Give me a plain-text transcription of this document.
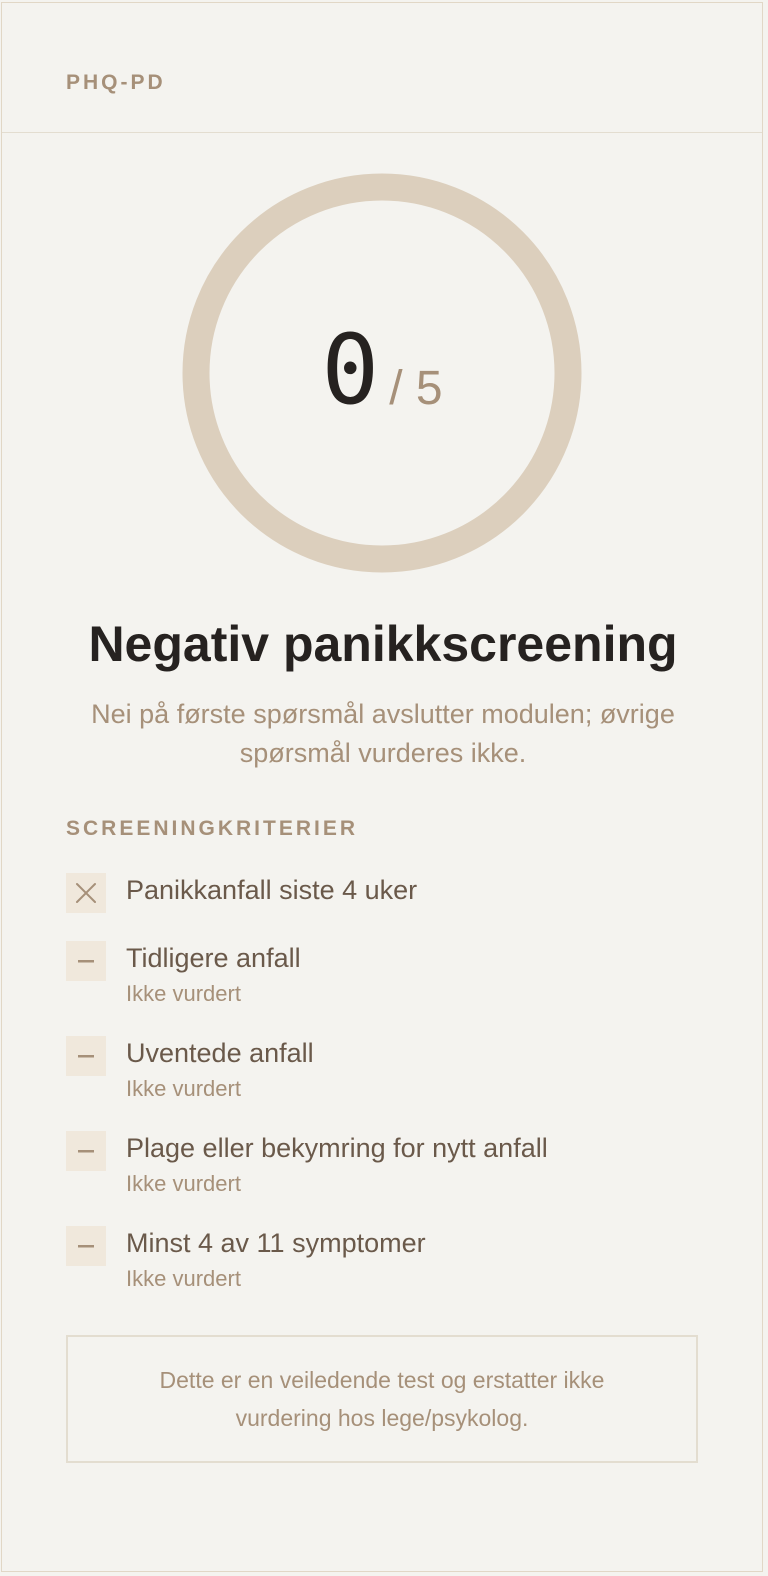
PHQ-PD
0 / 5
Negativ panikkscreening
Nei på første spørsmål avslutter modulen; øvrige spørsmål vurderes ikke.
SCREENINGKRITERIER
Panikkanfall siste 4 uker
Tidligere anfall
Ikke vurdert
Uventede anfall
Ikke vurdert
Plage eller bekymring for nytt anfall
Ikke vurdert
Minst 4 av 11 symptomer
Ikke vurdert
Dette er en veiledende test og erstatter ikke vurdering hos lege/psykolog.
